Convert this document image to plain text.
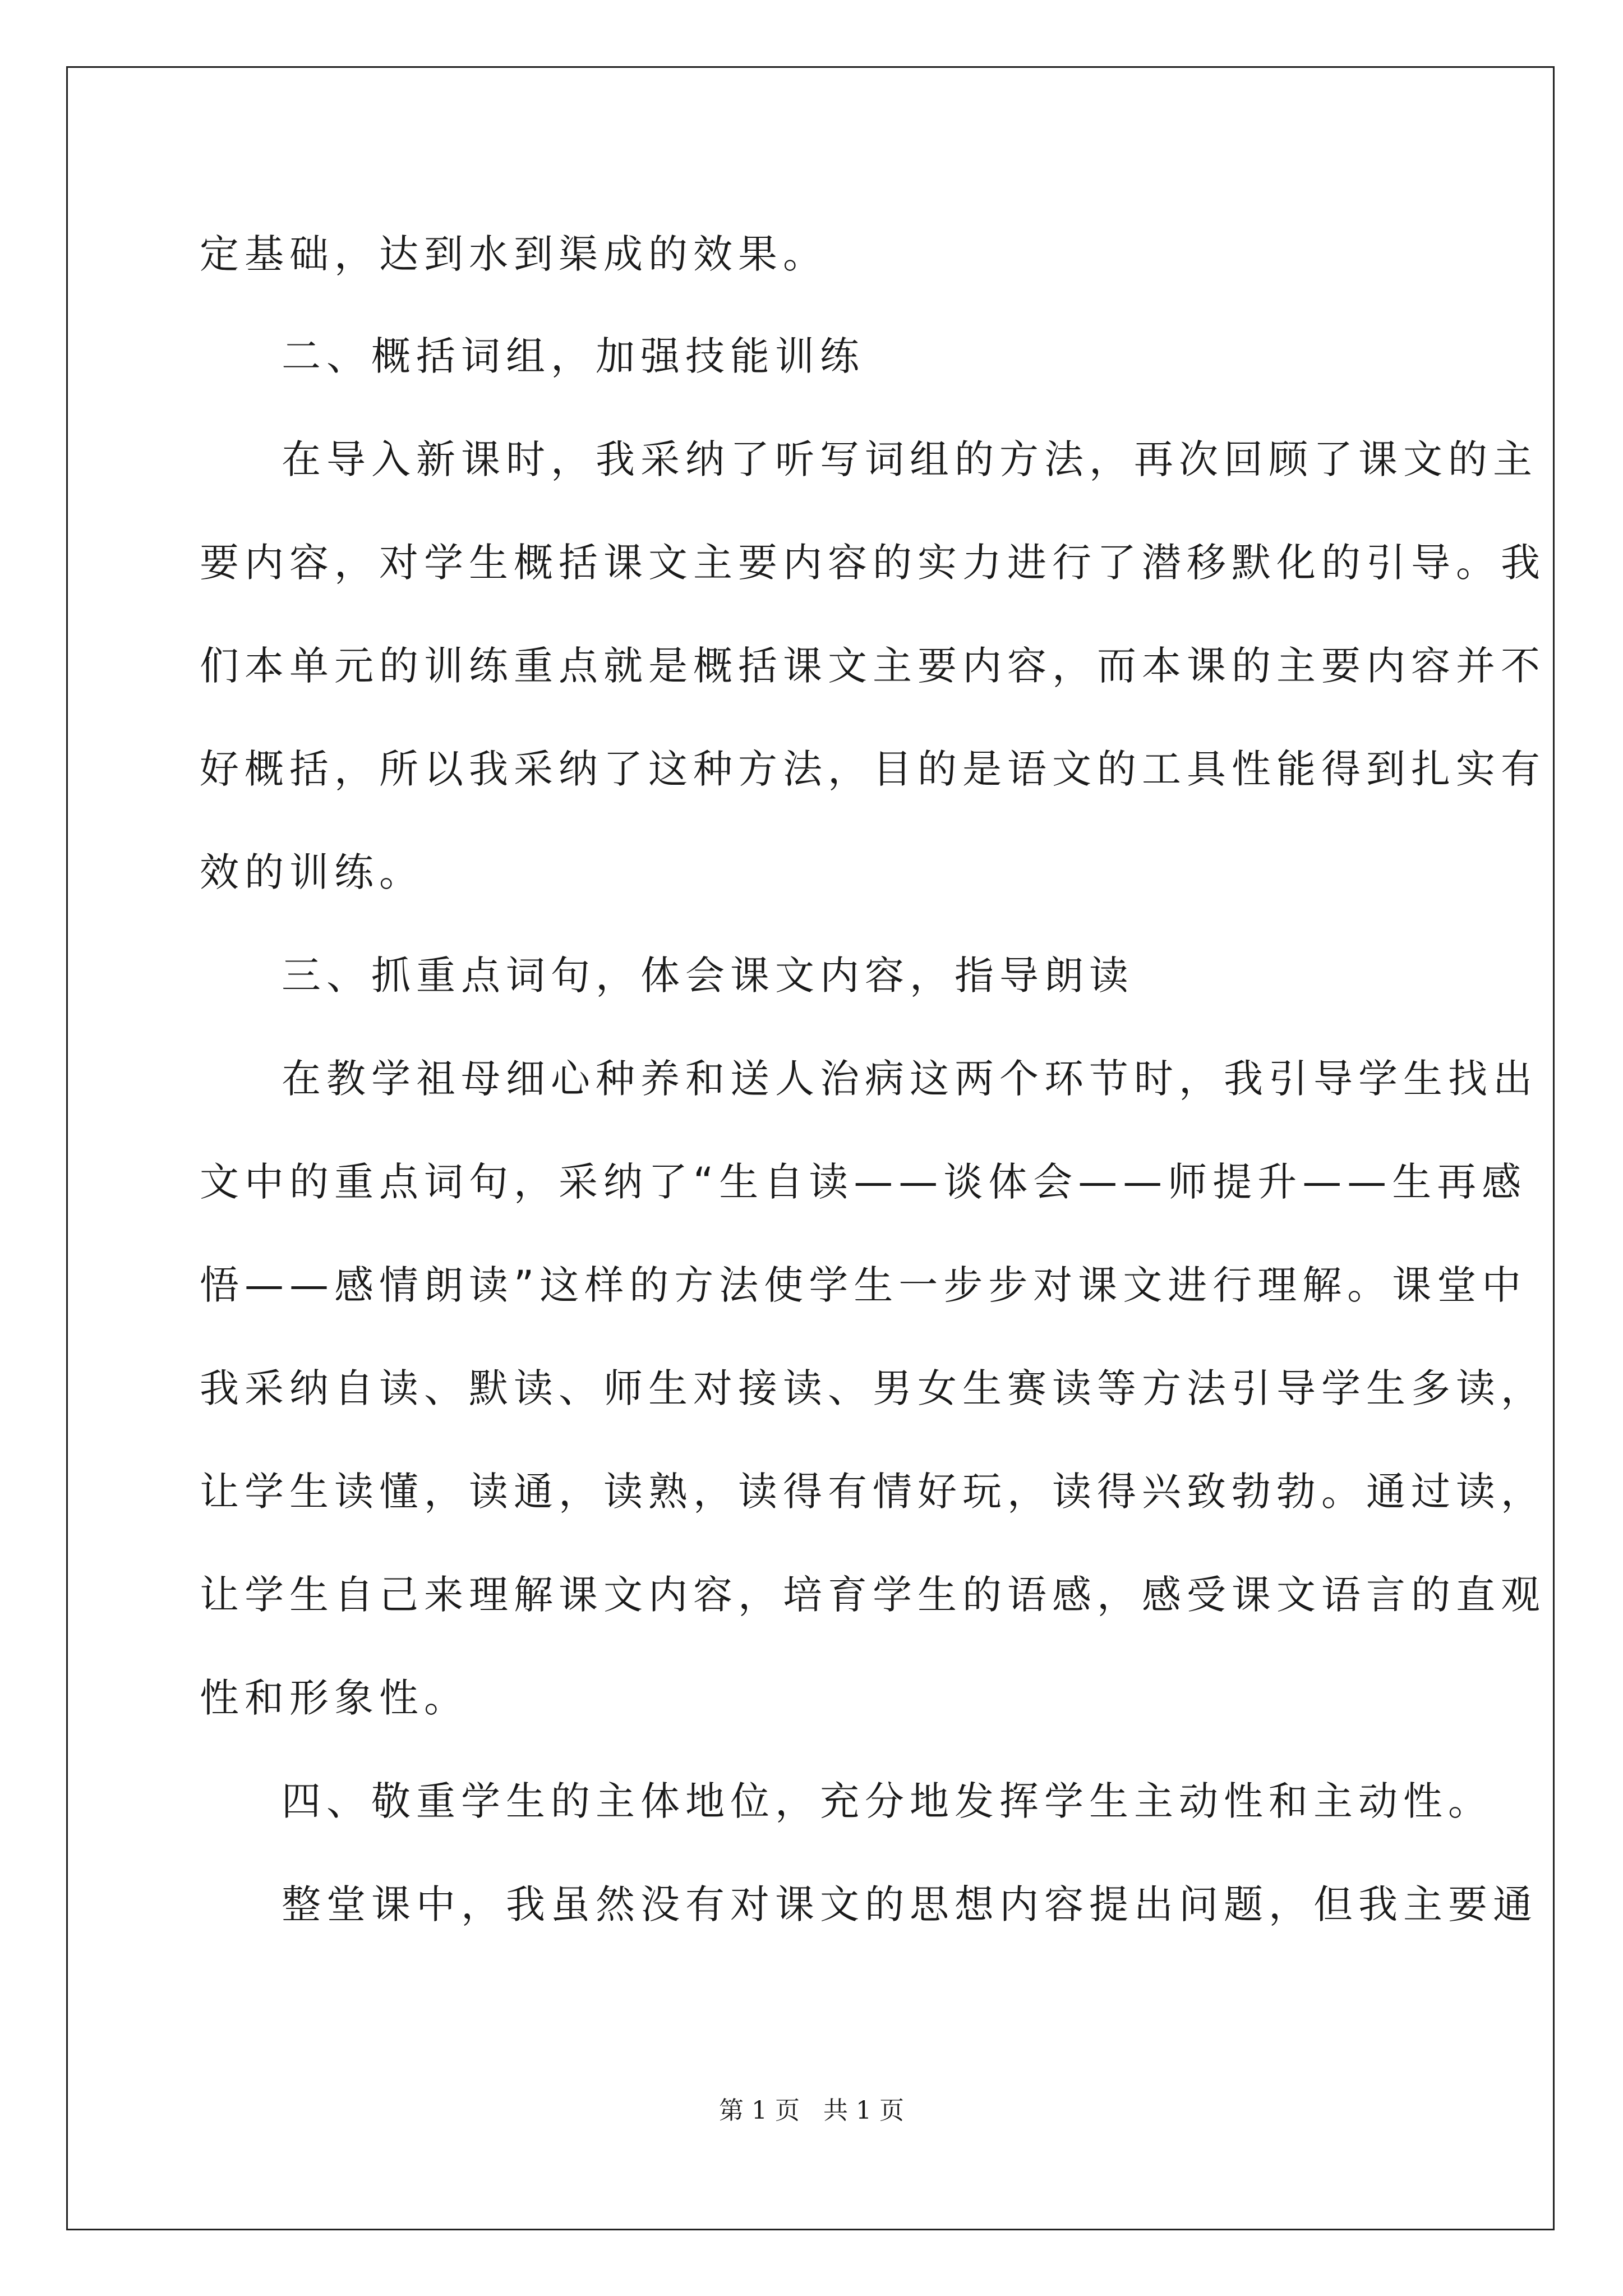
定基础，达到水到渠成的效果。
二、概括词组，加强技能训练
在导入新课时，我采纳了听写词组的方法，再次回顾了课文的主
要内容，对学生概括课文主要内容的实力进行了潜移默化的引导。我
们本单元的训练重点就是概括课文主要内容，而本课的主要内容并不
好概括，所以我采纳了这种方法，目的是语文的工具性能得到扎实有
效的训练。
三、抓重点词句，体会课文内容，指导朗读
在教学祖母细心种养和送人治病这两个环节时，我引导学生找出
文中的重点词句，采纳了“生自读——谈体会——师提升——生再感
悟——感情朗读”这样的方法使学生一步步对课文进行理解。课堂中
我采纳自读、默读、师生对接读、男女生赛读等方法引导学生多读，
让学生读懂，读通，读熟，读得有情好玩，读得兴致勃勃。通过读，
让学生自己来理解课文内容，培育学生的语感，感受课文语言的直观
性和形象性。
四、敬重学生的主体地位，充分地发挥学生主动性和主动性。
整堂课中，我虽然没有对课文的思想内容提出问题，但我主要通
第 1 页   共 1 页
